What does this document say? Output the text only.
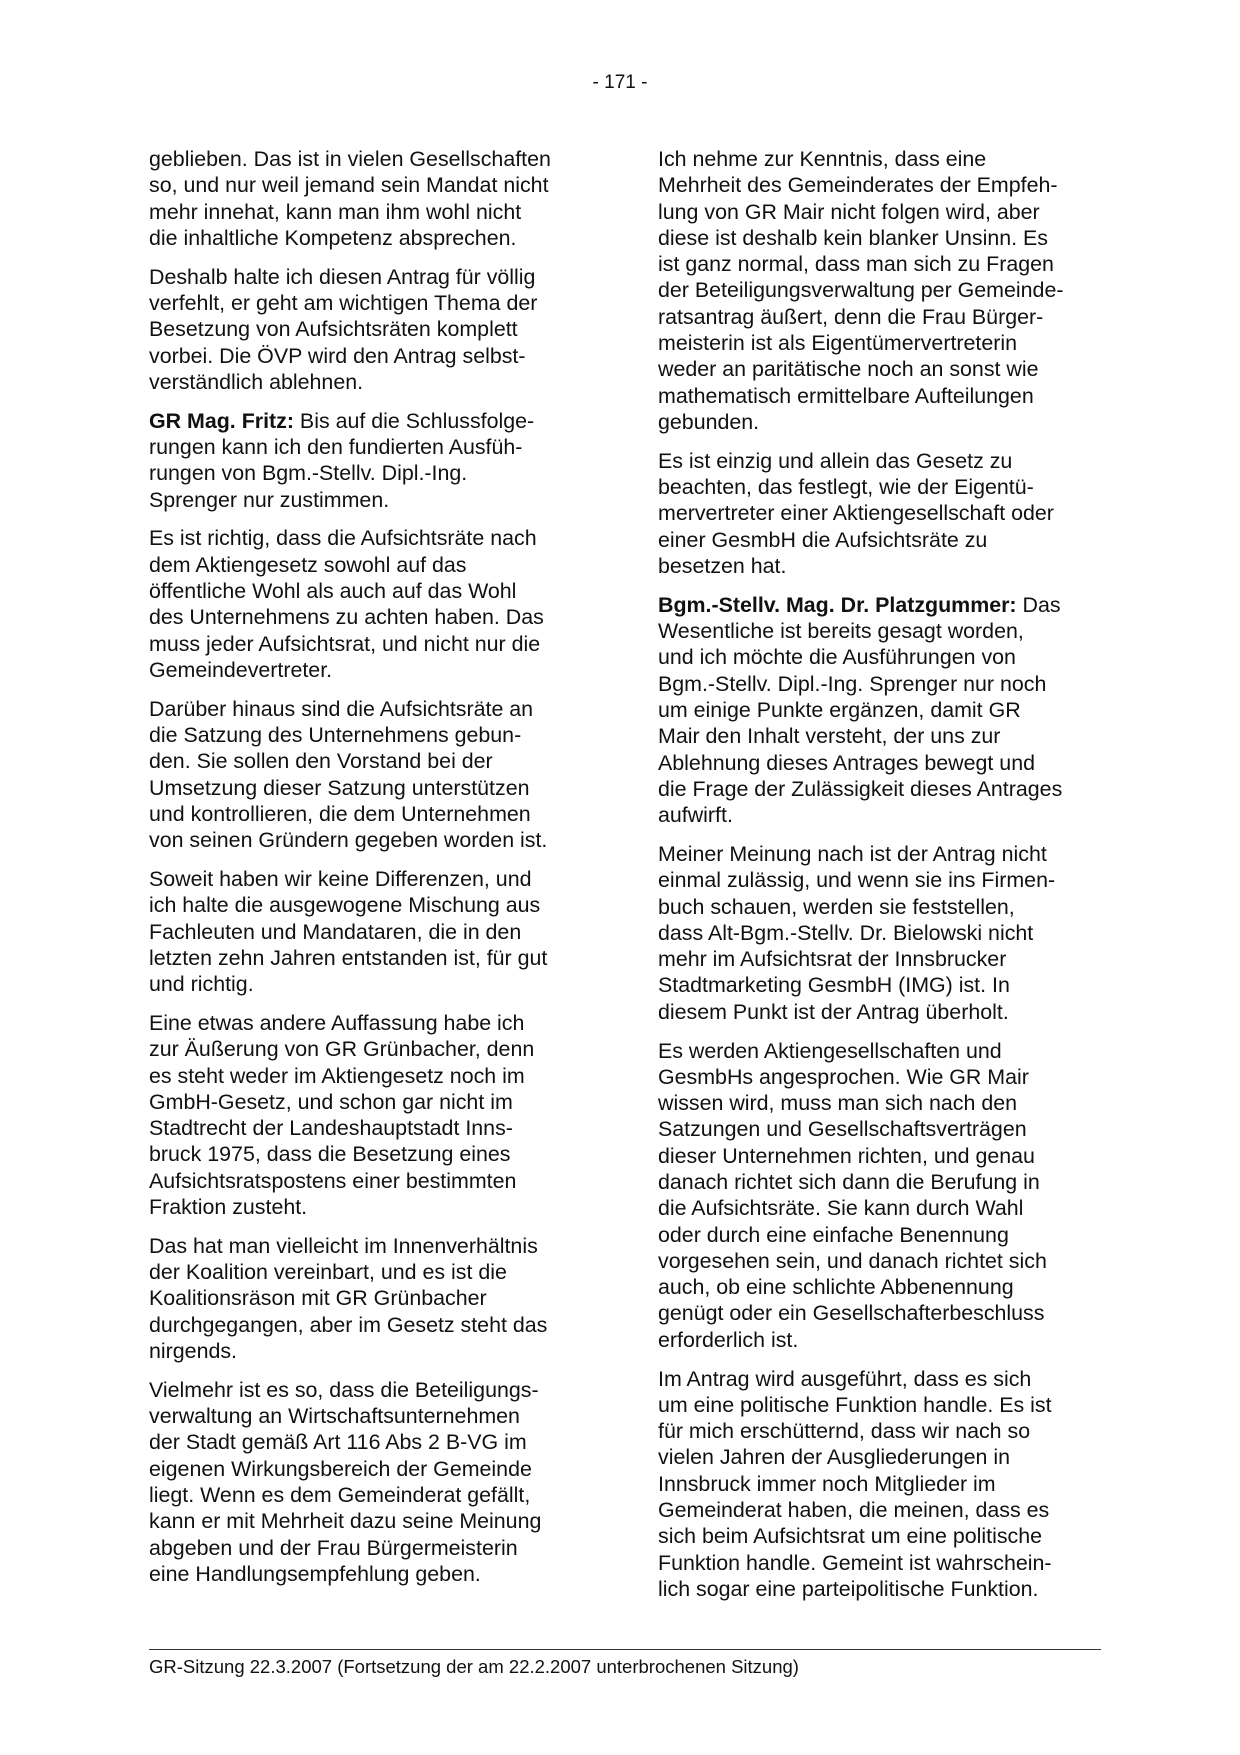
- 171 -

geblieben. Das ist in vielen Gesellschaften
so, und nur weil jemand sein Mandat nicht
mehr innehat, kann man ihm wohl nicht
die inhaltliche Kompetenz absprechen.

Deshalb halte ich diesen Antrag für völlig
verfehlt, er geht am wichtigen Thema der
Besetzung von Aufsichtsräten komplett
vorbei. Die ÖVP wird den Antrag selbst-
verständlich ablehnen.

GR Mag. Fritz: Bis auf die Schlussfolge-
rungen kann ich den fundierten Ausfüh-
rungen von Bgm.-Stellv. Dipl.-Ing.
Sprenger nur zustimmen.

Es ist richtig, dass die Aufsichtsräte nach
dem Aktiengesetz sowohl auf das
öffentliche Wohl als auch auf das Wohl
des Unternehmens zu achten haben. Das
muss jeder Aufsichtsrat, und nicht nur die
Gemeindevertreter.

Darüber hinaus sind die Aufsichtsräte an
die Satzung des Unternehmens gebun-
den. Sie sollen den Vorstand bei der
Umsetzung dieser Satzung unterstützen
und kontrollieren, die dem Unternehmen
von seinen Gründern gegeben worden ist.

Soweit haben wir keine Differenzen, und
ich halte die ausgewogene Mischung aus
Fachleuten und Mandataren, die in den
letzten zehn Jahren entstanden ist, für gut
und richtig.

Eine etwas andere Auffassung habe ich
zur Äußerung von GR Grünbacher, denn
es steht weder im Aktiengesetz noch im
GmbH-Gesetz, und schon gar nicht im
Stadtrecht der Landeshauptstadt Inns-
bruck 1975, dass die Besetzung eines
Aufsichtsratspostens einer bestimmten
Fraktion zusteht.

Das hat man vielleicht im Innenverhältnis
der Koalition vereinbart, und es ist die
Koalitionsräson mit GR Grünbacher
durchgegangen, aber im Gesetz steht das
nirgends.

Vielmehr ist es so, dass die Beteiligungs-
verwaltung an Wirtschaftsunternehmen
der Stadt gemäß Art 116 Abs 2 B-VG im
eigenen Wirkungsbereich der Gemeinde
liegt. Wenn es dem Gemeinderat gefällt,
kann er mit Mehrheit dazu seine Meinung
abgeben und der Frau Bürgermeisterin
eine Handlungsempfehlung geben.

Ich nehme zur Kenntnis, dass eine
Mehrheit des Gemeinderates der Empfeh-
lung von GR Mair nicht folgen wird, aber
diese ist deshalb kein blanker Unsinn. Es
ist ganz normal, dass man sich zu Fragen
der Beteiligungsverwaltung per Gemeinde-
ratsantrag äußert, denn die Frau Bürger-
meisterin ist als Eigentümervertreterin
weder an paritätische noch an sonst wie
mathematisch ermittelbare Aufteilungen
gebunden.

Es ist einzig und allein das Gesetz zu
beachten, das festlegt, wie der Eigentü-
mervertreter einer Aktiengesellschaft oder
einer GesmbH die Aufsichtsräte zu
besetzen hat.

Bgm.-Stellv. Mag. Dr. Platzgummer: Das
Wesentliche ist bereits gesagt worden,
und ich möchte die Ausführungen von
Bgm.-Stellv. Dipl.-Ing. Sprenger nur noch
um einige Punkte ergänzen, damit GR
Mair den Inhalt versteht, der uns zur
Ablehnung dieses Antrages bewegt und
die Frage der Zulässigkeit dieses Antrages
aufwirft.

Meiner Meinung nach ist der Antrag nicht
einmal zulässig, und wenn sie ins Firmen-
buch schauen, werden sie feststellen,
dass Alt-Bgm.-Stellv. Dr. Bielowski nicht
mehr im Aufsichtsrat der Innsbrucker
Stadtmarketing GesmbH (IMG) ist. In
diesem Punkt ist der Antrag überholt.

Es werden Aktiengesellschaften und
GesmbHs angesprochen. Wie GR Mair
wissen wird, muss man sich nach den
Satzungen und Gesellschaftsverträgen
dieser Unternehmen richten, und genau
danach richtet sich dann die Berufung in
die Aufsichtsräte. Sie kann durch Wahl
oder durch eine einfache Benennung
vorgesehen sein, und danach richtet sich
auch, ob eine schlichte Abbenennung
genügt oder ein Gesellschafterbeschluss
erforderlich ist.

Im Antrag wird ausgeführt, dass es sich
um eine politische Funktion handle. Es ist
für mich erschütternd, dass wir nach so
vielen Jahren der Ausgliederungen in
Innsbruck immer noch Mitglieder im
Gemeinderat haben, die meinen, dass es
sich beim Aufsichtsrat um eine politische
Funktion handle. Gemeint ist wahrschein-
lich sogar eine parteipolitische Funktion.

GR-Sitzung 22.3.2007 (Fortsetzung der am 22.2.2007 unterbrochenen Sitzung)
